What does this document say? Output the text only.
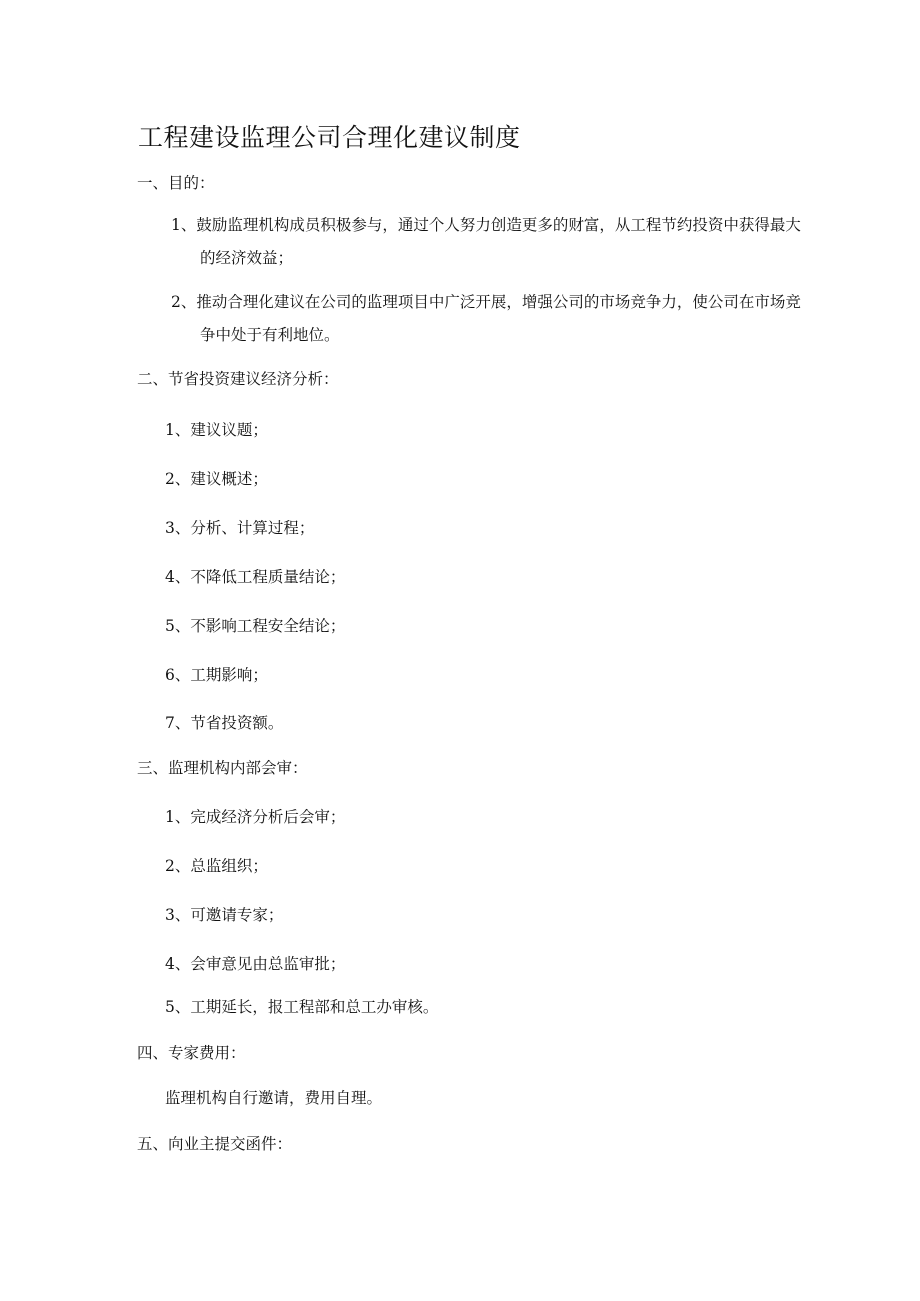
工程建设监理公司合理化建议制度
一、目的：
1、鼓励监理机构成员积极参与，通过个人努力创造更多的财富，从工程节约投资中获得最大的经济效益；
2、推动合理化建议在公司的监理项目中广泛开展，增强公司的市场竞争力，使公司在市场竞争中处于有利地位。
二、节省投资建议经济分析：
1、建议议题；
2、建议概述；
3、分析、计算过程；
4、不降低工程质量结论；
5、不影响工程安全结论；
6、工期影响；
7、节省投资额。
三、监理机构内部会审：
1、完成经济分析后会审；
2、总监组织；
3、可邀请专家；
4、会审意见由总监审批；
5、工期延长，报工程部和总工办审核。
四、专家费用：
监理机构自行邀请，费用自理。
五、向业主提交函件：
